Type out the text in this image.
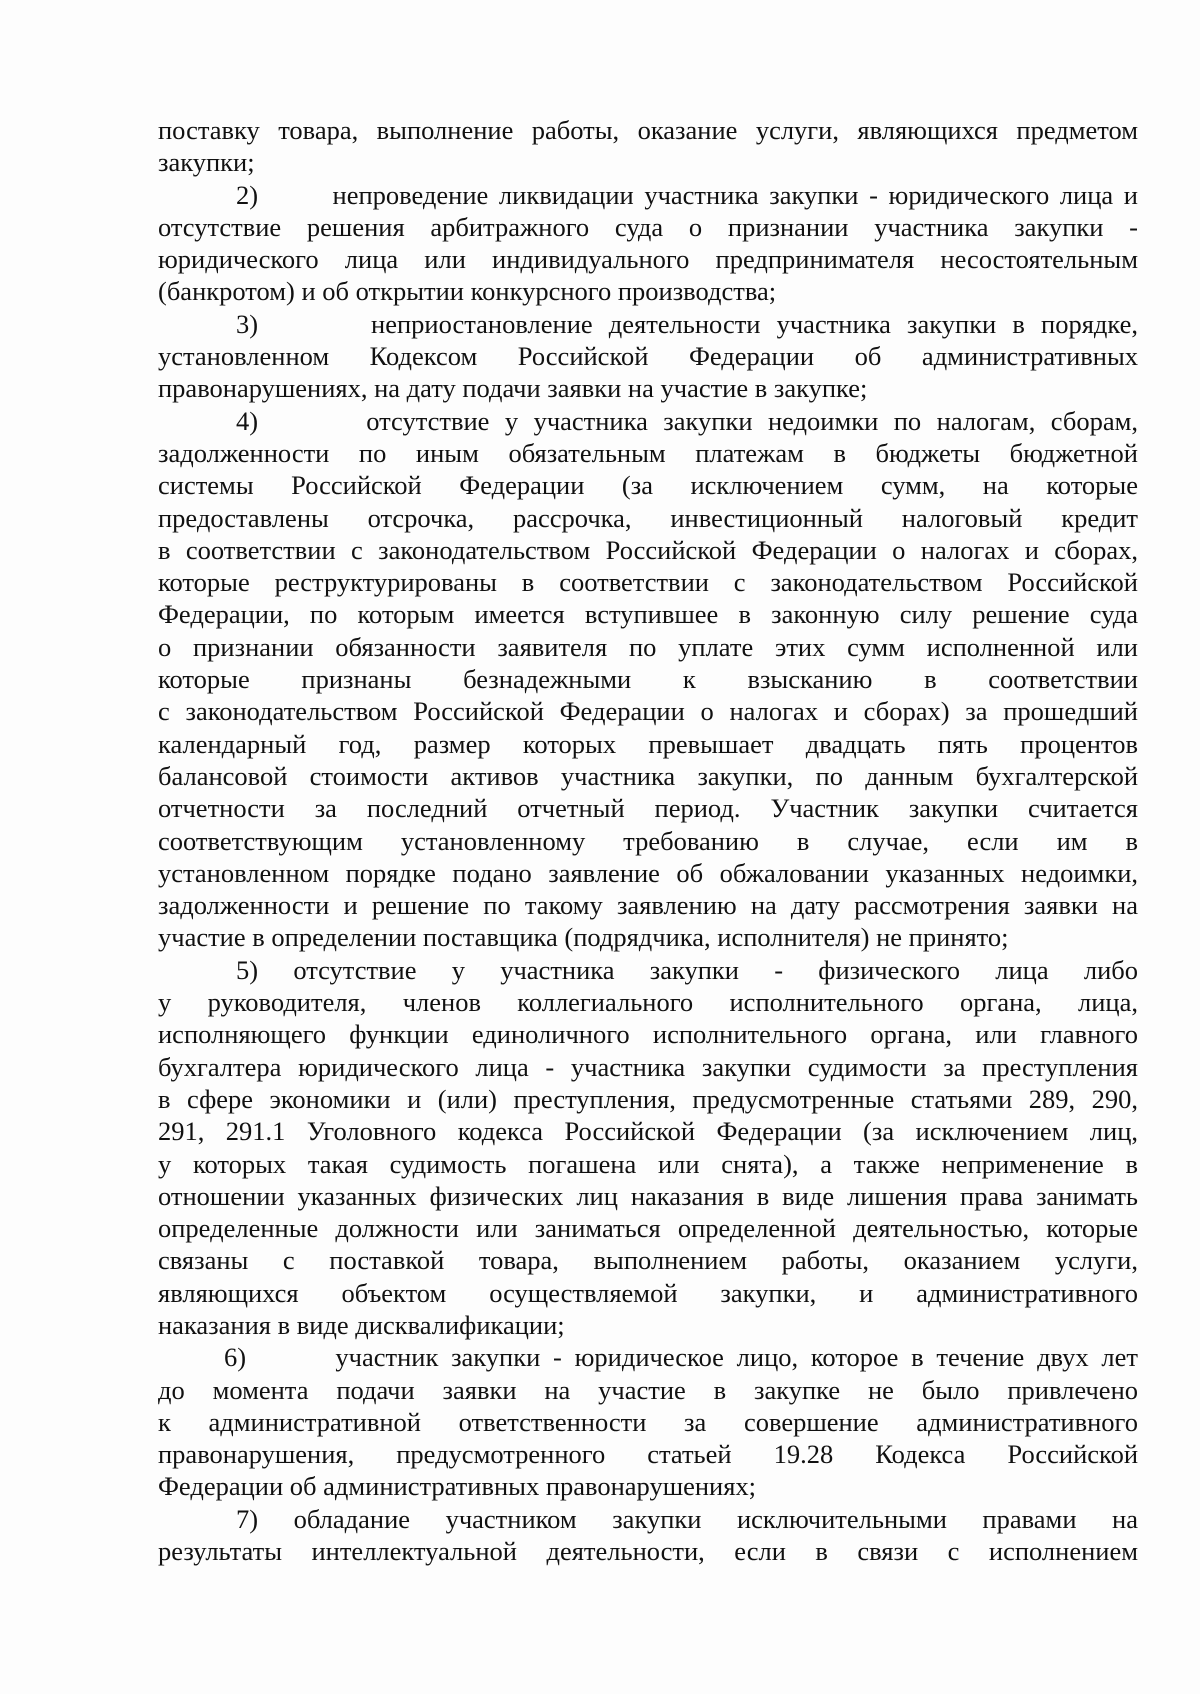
поставку товара, выполнение работы, оказание услуги, являющихся предметом
закупки;
2)       непроведение ликвидации участника закупки - юридического лица и
отсутствие решения арбитражного суда о признании участника закупки -
юридического лица или индивидуального предпринимателя несостоятельным
(банкротом) и об открытии конкурсного производства;
3)       неприостановление деятельности участника закупки в порядке,
установленном Кодексом Российской Федерации об административных
правонарушениях, на дату подачи заявки на участие в закупке;
4)       отсутствие у участника закупки недоимки по налогам, сборам,
задолженности по иным обязательным платежам в бюджеты бюджетной
системы Российской Федерации (за исключением сумм, на которые
предоставлены отсрочка, рассрочка, инвестиционный налоговый кредит
в соответствии с законодательством Российской Федерации о налогах и сборах,
которые реструктурированы в соответствии с законодательством Российской
Федерации, по которым имеется вступившее в законную силу решение суда
о признании обязанности заявителя по уплате этих сумм исполненной или
которые признаны безнадежными к взысканию в соответствии
с законодательством Российской Федерации о налогах и сборах) за прошедший
календарный год, размер которых превышает двадцать пять процентов
балансовой стоимости активов участника закупки, по данным бухгалтерской
отчетности за последний отчетный период. Участник закупки считается
соответствующим установленному требованию в случае, если им в
установленном порядке подано заявление об обжаловании указанных недоимки,
задолженности и решение по такому заявлению на дату рассмотрения заявки на
участие в определении поставщика (подрядчика, исполнителя) не принято;
5) отсутствие у участника закупки - физического лица либо
у руководителя, членов коллегиального исполнительного органа, лица,
исполняющего функции единоличного исполнительного органа, или главного
бухгалтера юридического лица - участника закупки судимости за преступления
в сфере экономики и (или) преступления, предусмотренные статьями 289, 290,
291, 291.1 Уголовного кодекса Российской Федерации (за исключением лиц,
у которых такая судимость погашена или снята), а также неприменение в
отношении указанных физических лиц наказания в виде лишения права занимать
определенные должности или заниматься определенной деятельностью, которые
связаны с поставкой товара, выполнением работы, оказанием услуги,
являющихся объектом осуществляемой закупки, и административного
наказания в виде дисквалификации;
6)       участник закупки - юридическое лицо, которое в течение двух лет
до момента подачи заявки на участие в закупке не было привлечено
к административной ответственности за совершение административного
правонарушения, предусмотренного статьей 19.28 Кодекса Российской
Федерации об административных правонарушениях;
7) обладание участником закупки исключительными правами на
результаты интеллектуальной деятельности, если в связи с исполнением
